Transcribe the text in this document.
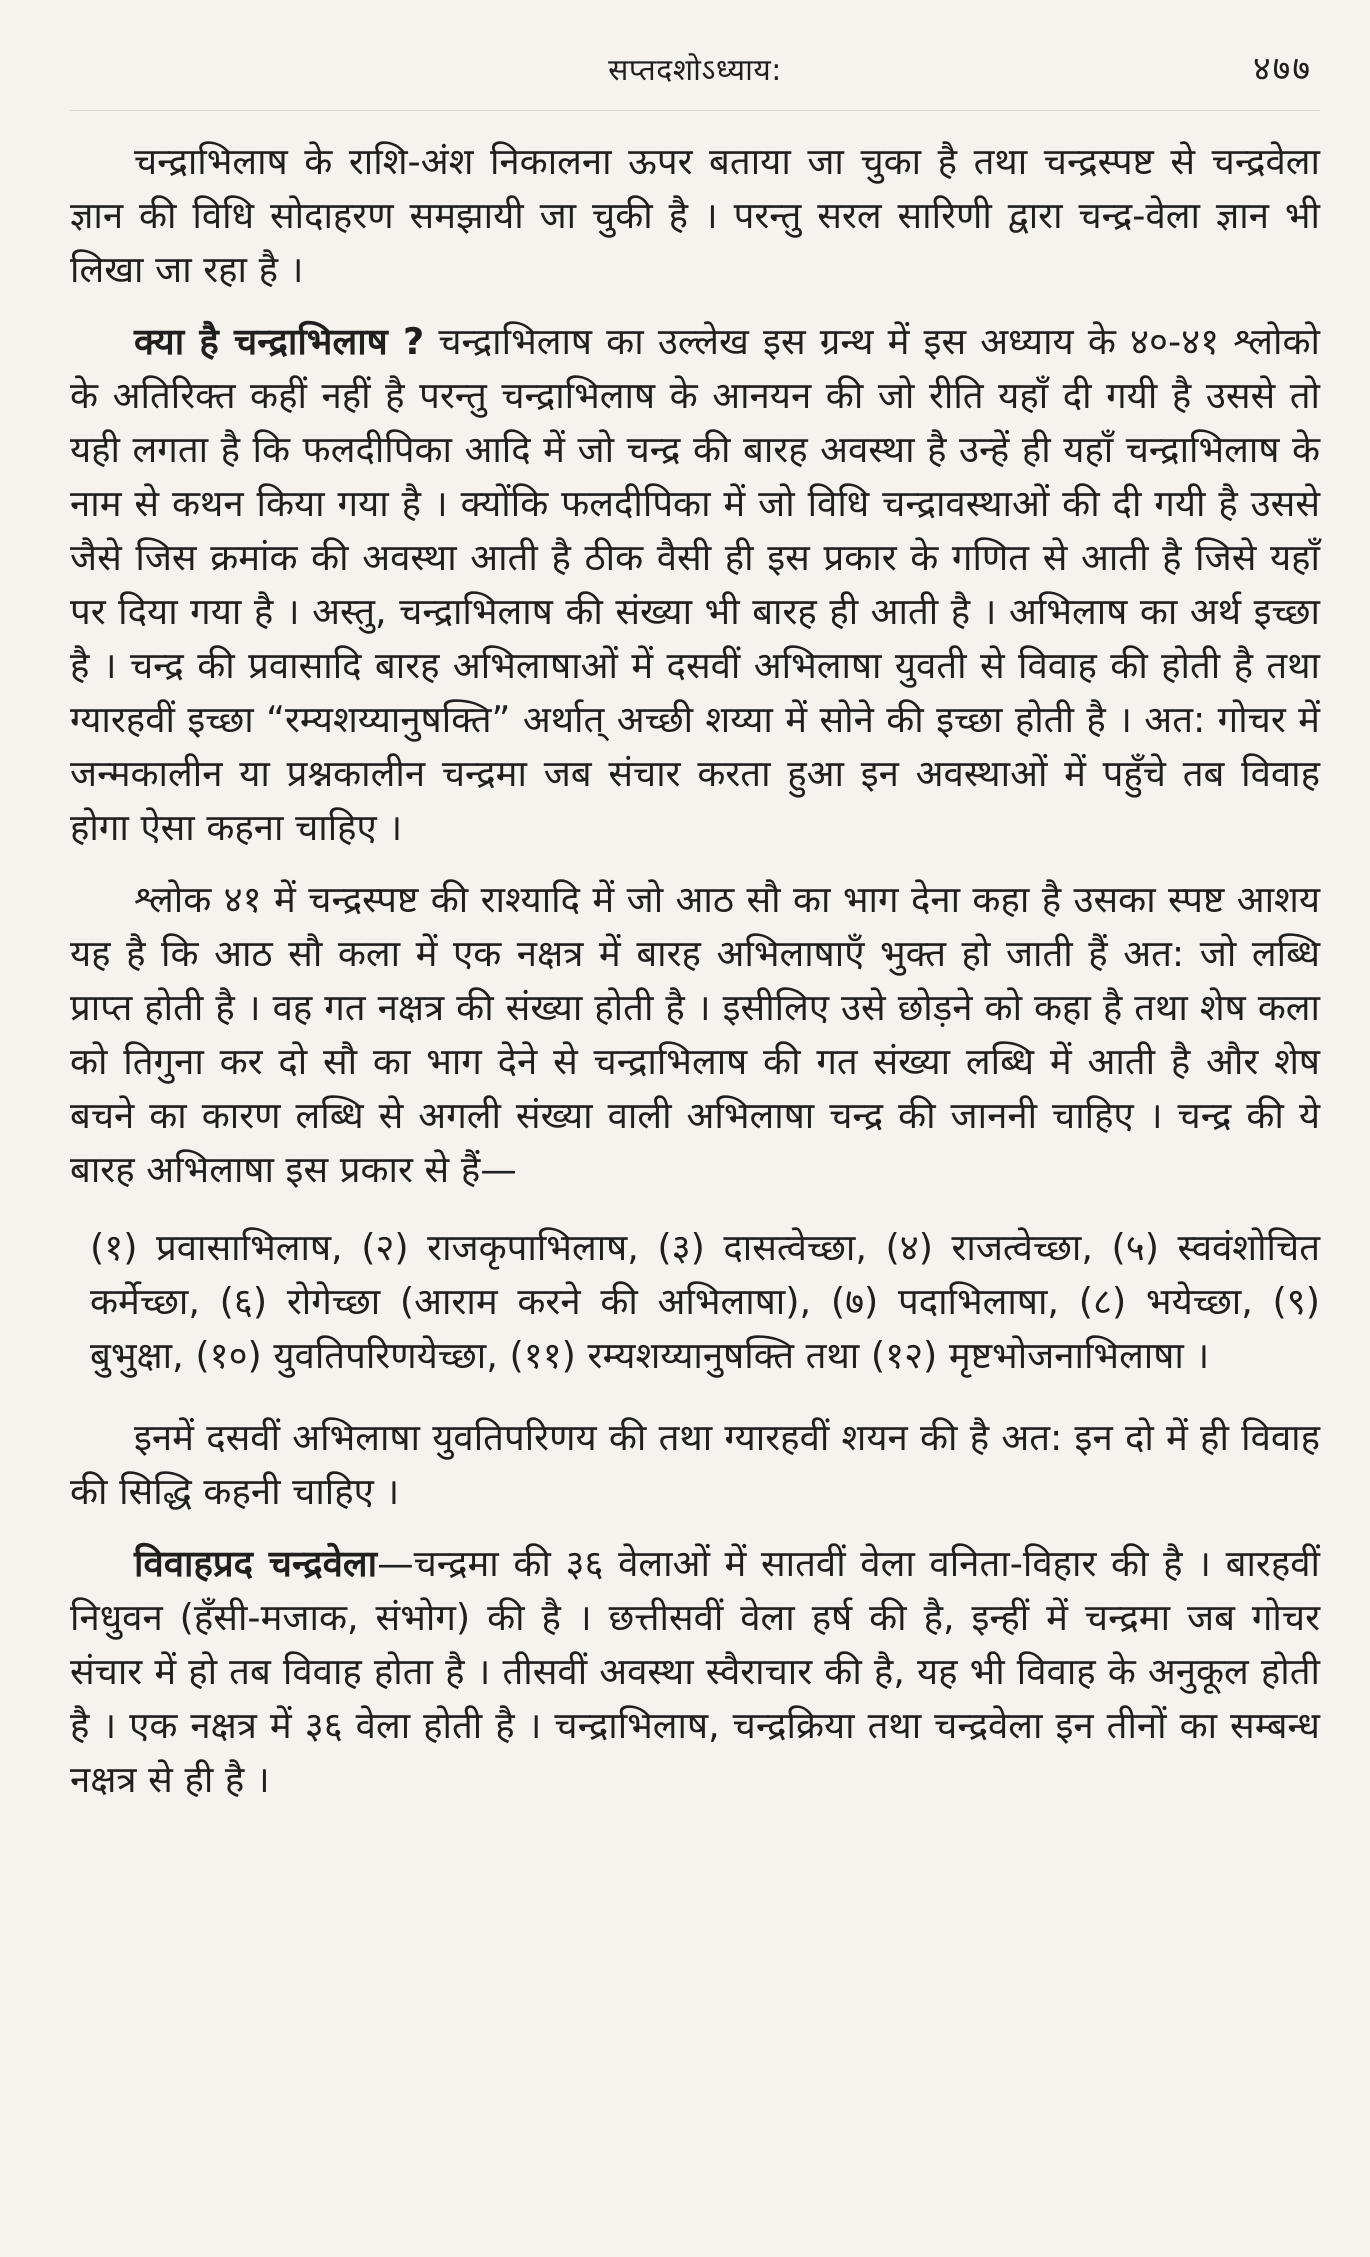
सप्तदशोऽध्याय:	४७७

चन्द्राभिलाष के राशि-अंश निकालना ऊपर बताया जा चुका है तथा चन्द्रस्पष्ट से चन्द्रवेला ज्ञान की विधि सोदाहरण समझायी जा चुकी है । परन्तु सरल सारिणी द्वारा चन्द्र-वेला ज्ञान भी लिखा जा रहा है ।

क्या है चन्द्राभिलाष ? चन्द्राभिलाष का उल्लेख इस ग्रन्थ में इस अध्याय के ४०-४१ श्लोको के अतिरिक्त कहीं नहीं है परन्तु चन्द्राभिलाष के आनयन की जो रीति यहाँ दी गयी है उससे तो यही लगता है कि फलदीपिका आदि में जो चन्द्र की बारह अवस्था है उन्हें ही यहाँ चन्द्राभिलाष के नाम से कथन किया गया है । क्योंकि फलदीपिका में जो विधि चन्द्रावस्थाओं की दी गयी है उससे जैसे जिस क्रमांक की अवस्था आती है ठीक वैसी ही इस प्रकार के गणित से आती है जिसे यहाँ पर दिया गया है । अस्तु, चन्द्राभिलाष की संख्या भी बारह ही आती है । अभिलाष का अर्थ इच्छा है । चन्द्र की प्रवासादि बारह अभिलाषाओं में दसवीं अभिलाषा युवती से विवाह की होती है तथा ग्यारहवीं इच्छा “रम्यशय्यानुषक्ति” अर्थात् अच्छी शय्या में सोने की इच्छा होती है । अत: गोचर में जन्मकालीन या प्रश्नकालीन चन्द्रमा जब संचार करता हुआ इन अवस्थाओं में पहुँचे तब विवाह होगा ऐसा कहना चाहिए ।

श्लोक ४१ में चन्द्रस्पष्ट की राश्यादि में जो आठ सौ का भाग देना कहा है उसका स्पष्ट आशय यह है कि आठ सौ कला में एक नक्षत्र में बारह अभिलाषाएँ भुक्त हो जाती हैं अत: जो लब्धि प्राप्त होती है । वह गत नक्षत्र की संख्या होती है । इसीलिए उसे छोड़ने को कहा है तथा शेष कला को तिगुना कर दो सौ का भाग देने से चन्द्राभिलाष की गत संख्या लब्धि में आती है और शेष बचने का कारण लब्धि से अगली संख्या वाली अभिलाषा चन्द्र की जाननी चाहिए । चन्द्र की ये बारह अभिलाषा इस प्रकार से हैं—

(१) प्रवासाभिलाष, (२) राजकृपाभिलाष, (३) दासत्वेच्छा, (४) राजत्वेच्छा, (५) स्ववंशोचित कर्मेच्छा, (६) रोगेच्छा (आराम करने की अभिलाषा), (७) पदाभिलाषा, (८) भयेच्छा, (९) बुभुक्षा, (१०) युवतिपरिणयेच्छा, (११) रम्यशय्यानुषक्ति तथा (१२) मृष्टभोजनाभिलाषा ।

इनमें दसवीं अभिलाषा युवतिपरिणय की तथा ग्यारहवीं शयन की है अत: इन दो में ही विवाह की सिद्धि कहनी चाहिए ।

विवाहप्रद चन्द्रवेला—चन्द्रमा की ३६ वेलाओं में सातवीं वेला वनिता-विहार की है । बारहवीं निधुवन (हँसी-मजाक, संभोग) की है । छत्तीसवीं वेला हर्ष की है, इन्हीं में चन्द्रमा जब गोचर संचार में हो तब विवाह होता है । तीसवीं अवस्था स्वैराचार की है, यह भी विवाह के अनुकूल होती है । एक नक्षत्र में ३६ वेला होती है । चन्द्राभिलाष, चन्द्रक्रिया तथा चन्द्रवेला इन तीनों का सम्बन्ध नक्षत्र से ही है ।
